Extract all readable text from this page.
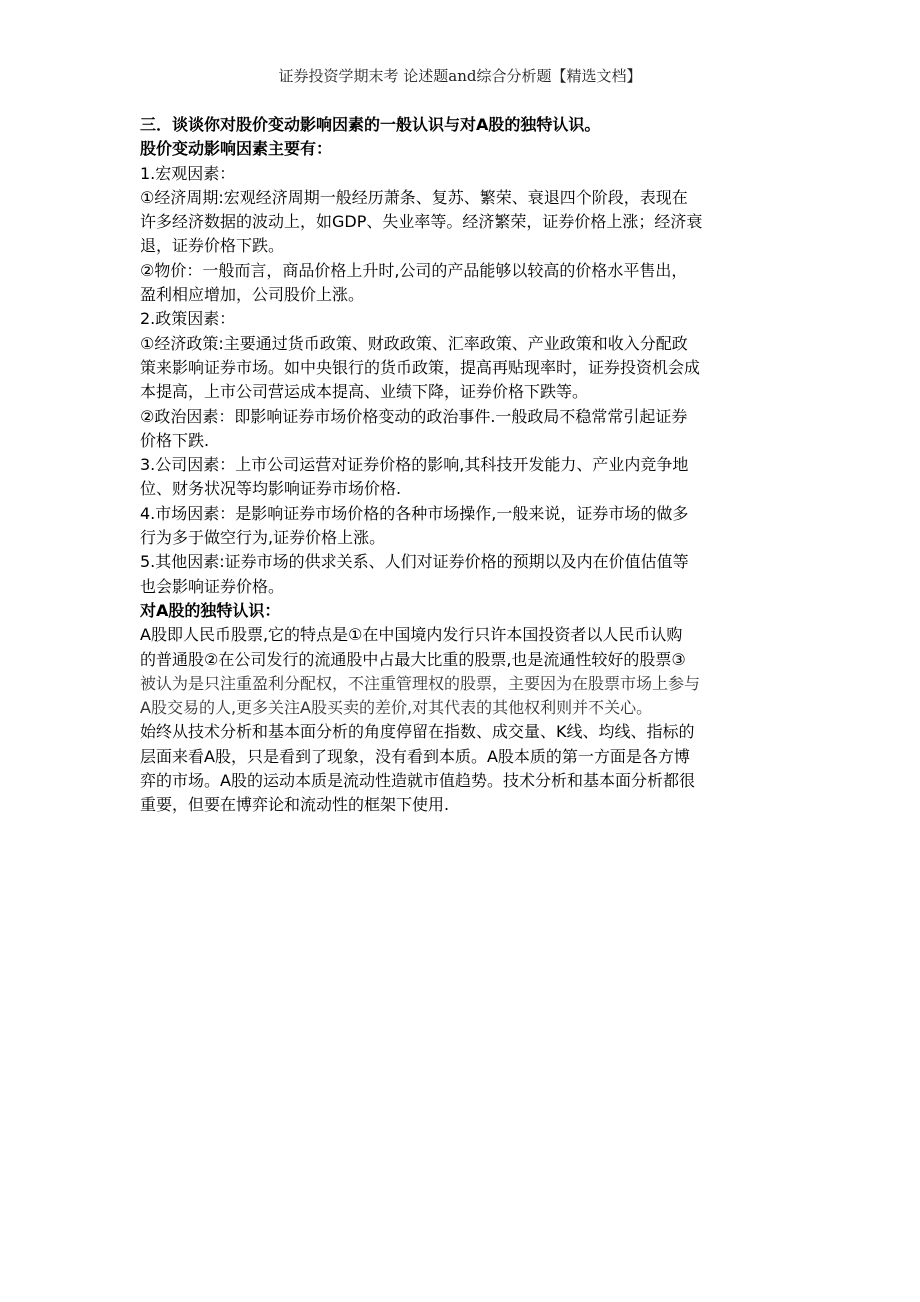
证券投资学期末考 论述题and综合分析题【精选文档】
三．谈谈你对股价变动影响因素的一般认识与对A股的独特认识。
股价变动影响因素主要有：
1.宏观因素：
①经济周期:宏观经济周期一般经历萧条、复苏、繁荣、衰退四个阶段，表现在
许多经济数据的波动上，如GDP、失业率等。经济繁荣，证券价格上涨；经济衰
退，证券价格下跌。
②物价：一般而言，商品价格上升时,公司的产品能够以较高的价格水平售出，
盈利相应增加，公司股价上涨。
2.政策因素：
①经济政策:主要通过货币政策、财政政策、汇率政策、产业政策和收入分配政
策来影响证券市场。如中央银行的货币政策，提高再贴现率时，证券投资机会成
本提高，上市公司营运成本提高、业绩下降，证券价格下跌等。
②政治因素：即影响证券市场价格变动的政治事件.一般政局不稳常常引起证券
价格下跌.
3.公司因素：上市公司运营对证券价格的影响,其科技开发能力、产业内竞争地
位、财务状况等均影响证券市场价格.
4.市场因素：是影响证券市场价格的各种市场操作,一般来说，证券市场的做多
行为多于做空行为,证券价格上涨。
5.其他因素:证券市场的供求关系、人们对证券价格的预期以及内在价值估值等
也会影响证券价格。
对A股的独特认识：
A股即人民币股票,它的特点是①在中国境内发行只许本国投资者以人民币认购
的普通股②在公司发行的流通股中占最大比重的股票,也是流通性较好的股票③
被认为是只注重盈利分配权，不注重管理权的股票，主要因为在股票市场上参与
A股交易的人,更多关注A股买卖的差价,对其代表的其他权利则并不关心。
始终从技术分析和基本面分析的角度停留在指数、成交量、K线、均线、指标的
层面来看A股，只是看到了现象，没有看到本质。A股本质的第一方面是各方博
弈的市场。A股的运动本质是流动性造就市值趋势。技术分析和基本面分析都很
重要，但要在博弈论和流动性的框架下使用.
